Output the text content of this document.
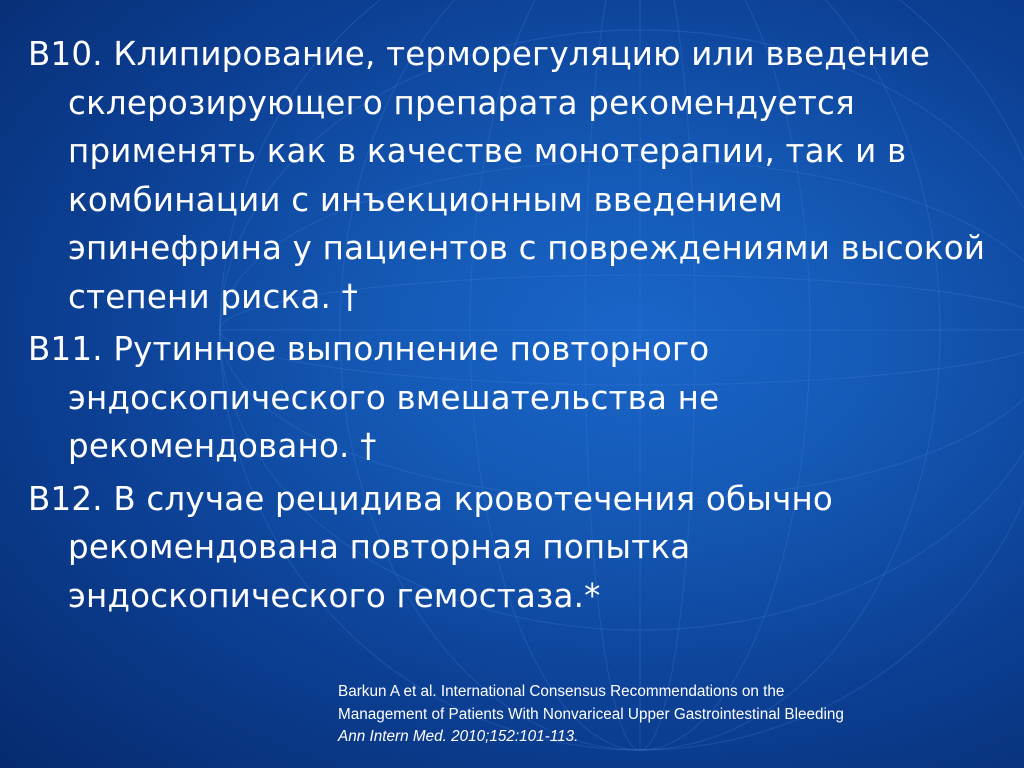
B10. Клипирование, терморегуляцию или введение склерозирующего препарата рекомендуется применять как в качестве монотерапии, так и в комбинации с инъекционным введением эпинефрина у пациентов с повреждениями высокой степени риска. †
B11. Рутинное выполнение повторного эндоскопического вмешательства не рекомендовано. †
B12. В случае рецидива кровотечения обычно рекомендована повторная попытка эндоскопического гемостаза.*
Barkun A et al. International Consensus Recommendations on the
Management of Patients With Nonvariceal Upper Gastrointestinal Bleeding
Ann Intern Med. 2010;152:101-113.
